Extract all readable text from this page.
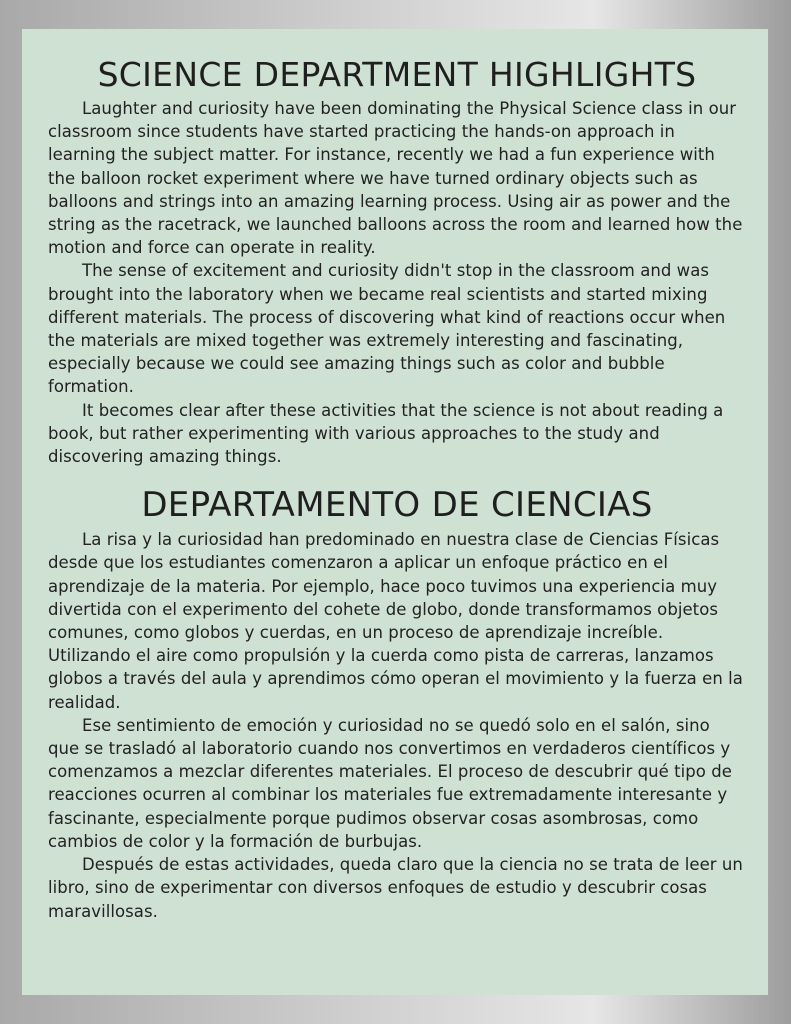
SCIENCE DEPARTMENT HIGHLIGHTS

Laughter and curiosity have been dominating the Physical Science class in our classroom since students have started practicing the hands-on approach in learning the subject matter. For instance, recently we had a fun experience with the balloon rocket experiment where we have turned ordinary objects such as balloons and strings into an amazing learning process. Using air as power and the string as the racetrack, we launched balloons across the room and learned how the motion and force can operate in reality.

The sense of excitement and curiosity didn't stop in the classroom and was brought into the laboratory when we became real scientists and started mixing different materials. The process of discovering what kind of reactions occur when the materials are mixed together was extremely interesting and fascinating, especially because we could see amazing things such as color and bubble formation.

It becomes clear after these activities that the science is not about reading a book, but rather experimenting with various approaches to the study and discovering amazing things.

DEPARTAMENTO DE CIENCIAS

La risa y la curiosidad han predominado en nuestra clase de Ciencias Físicas desde que los estudiantes comenzaron a aplicar un enfoque práctico en el aprendizaje de la materia. Por ejemplo, hace poco tuvimos una experiencia muy divertida con el experimento del cohete de globo, donde transformamos objetos comunes, como globos y cuerdas, en un proceso de aprendizaje increíble. Utilizando el aire como propulsión y la cuerda como pista de carreras, lanzamos globos a través del aula y aprendimos cómo operan el movimiento y la fuerza en la realidad.

Ese sentimiento de emoción y curiosidad no se quedó solo en el salón, sino que se trasladó al laboratorio cuando nos convertimos en verdaderos científicos y comenzamos a mezclar diferentes materiales. El proceso de descubrir qué tipo de reacciones ocurren al combinar los materiales fue extremadamente interesante y fascinante, especialmente porque pudimos observar cosas asombrosas, como cambios de color y la formación de burbujas.

Después de estas actividades, queda claro que la ciencia no se trata de leer un libro, sino de experimentar con diversos enfoques de estudio y descubrir cosas maravillosas.
